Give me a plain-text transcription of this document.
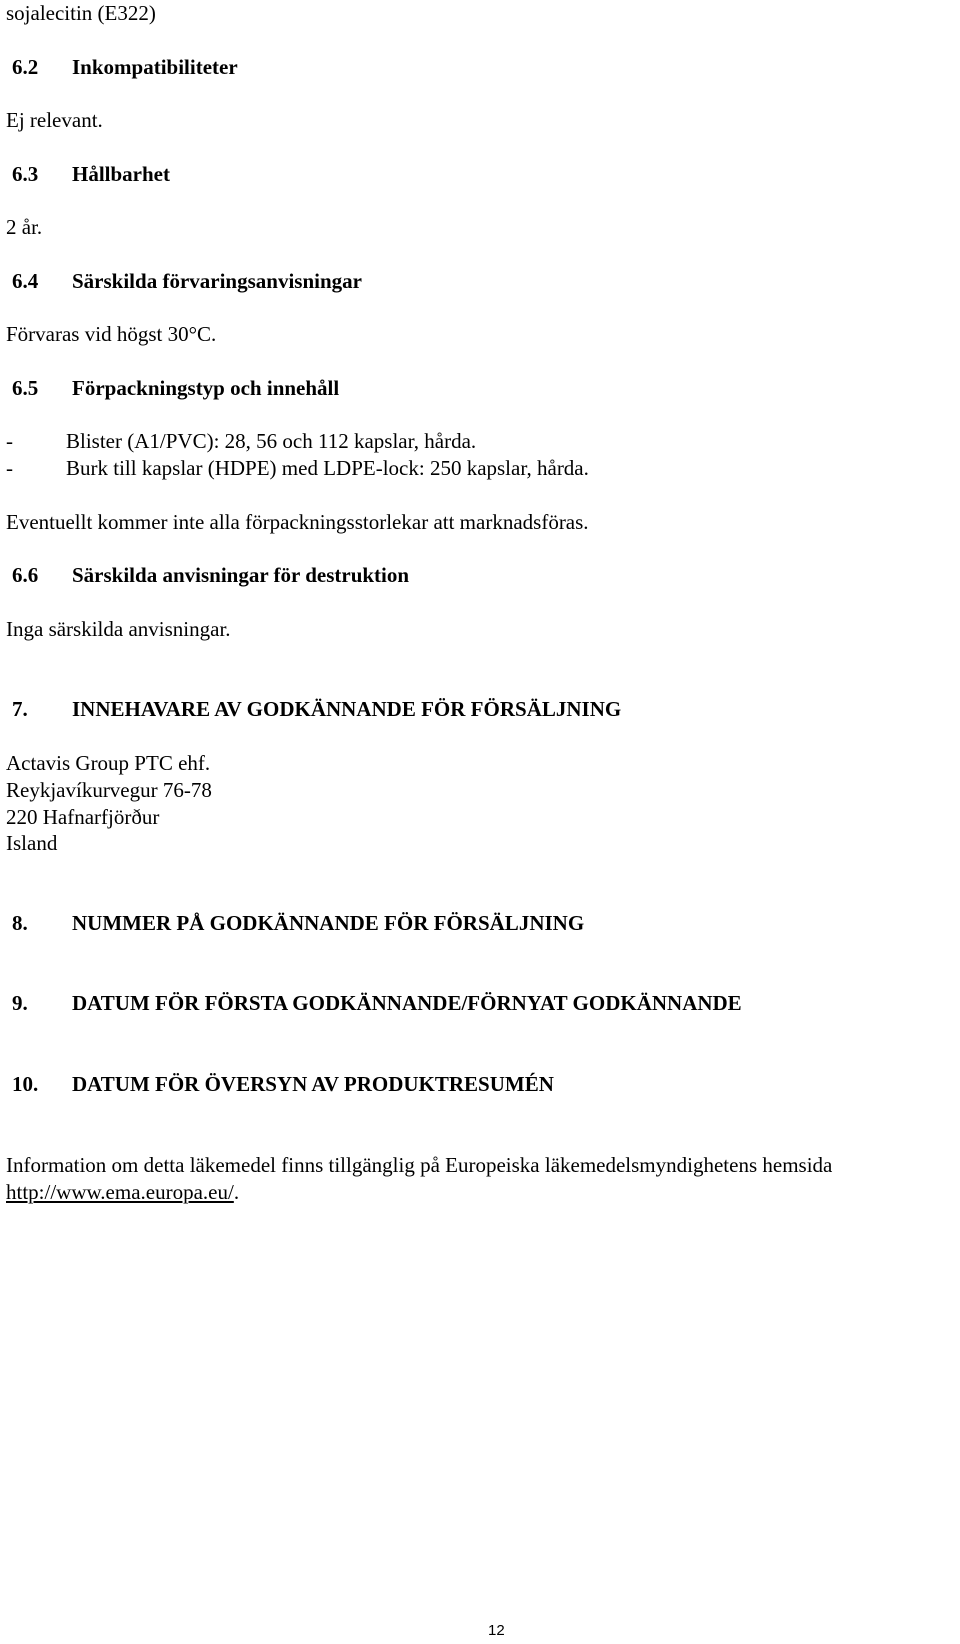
sojalecitin (E322)
6.2 Inkompatibiliteter
Ej relevant.
6.3 Hållbarhet
2 år.
6.4 Särskilda förvaringsanvisningar
Förvaras vid högst 30°C.
6.5 Förpackningstyp och innehåll
-	Blister (A1/PVC): 28, 56 och 112 kapslar, hårda.
-	Burk till kapslar (HDPE) med LDPE-lock: 250 kapslar, hårda.
Eventuellt kommer inte alla förpackningsstorlekar att marknadsföras.
6.6 Särskilda anvisningar för destruktion
Inga särskilda anvisningar.
7. INNEHAVARE AV GODKÄNNANDE FÖR FÖRSÄLJNING
Actavis Group PTC ehf.
Reykjavíkurvegur 76-78
220 Hafnarfjörður
Island
8. NUMMER PÅ GODKÄNNANDE FÖR FÖRSÄLJNING
9. DATUM FÖR FÖRSTA GODKÄNNANDE/FÖRNYAT GODKÄNNANDE
10. DATUM FÖR ÖVERSYN AV PRODUKTRESUMÉN
Information om detta läkemedel finns tillgänglig på Europeiska läkemedelsmyndighetens hemsida
http://www.ema.europa.eu/.
12
